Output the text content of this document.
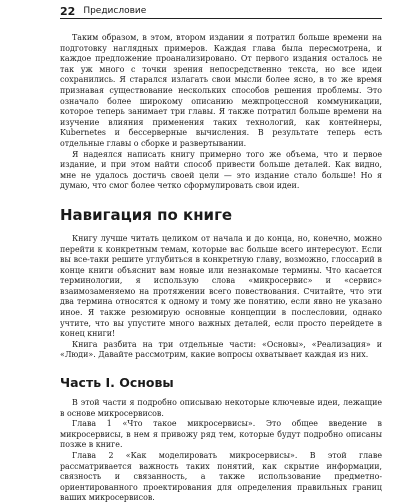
22 Предисловие

Таким образом, в этом, втором издании я потратил больше времени на подготовку наглядных примеров. Каждая глава была пересмотрена, и каждое предложение проанализировано. От первого издания осталось не так уж много с точки зрения непосредственно текста, но все идеи сохранились. Я старался излагать свои мысли более ясно, в то же время признавая существование нескольких способов решения проблемы. Это означало более широкому описанию межпроцессной коммуникации, которое теперь занимает три главы. Я также потратил больше времени на изучение влияния применения таких технологий, как контейнеры, Kubernetes и бессерверные вычисления. В результате теперь есть отдельные главы о сборке и развертывании.

Я надеялся написать книгу примерно того же объема, что и первое издание, и при этом найти способ привести больше деталей. Как видно, мне не удалось достичь своей цели — это издание стало больше! Но я думаю, что смог более четко сформулировать свои идеи.

Навигация по книге

Книгу лучше читать целиком от начала и до конца, но, конечно, можно перейти к конкретным темам, которые вас больше всего интересуют. Если вы все-таки решите углубиться в конкретную главу, возможно, глоссарий в конце книги объяснит вам новые или незнакомые термины. Что касается терминологии, я использую слова «микросервис» и «сервис» взаимозаменяемо на протяжении всего повествования. Считайте, что эти два термина относятся к одному и тому же понятию, если явно не указано иное. Я также резюмирую основные концепции в послесловии, однако учтите, что вы упустите много важных деталей, если просто перейдете в конец книги!

Книга разбита на три отдельные части: «Основы», «Реализация» и «Люди». Давайте рассмотрим, какие вопросы охватывает каждая из них.

Часть I. Основы

В этой части я подробно описываю некоторые ключевые идеи, лежащие в основе микросервисов.

Глава 1 «Что такое микросервисы». Это общее введение в микросервисы, в нем я привожу ряд тем, которые будут подробно описаны позже в книге.

Глава 2 «Как моделировать микросервисы». В этой главе рассматривается важность таких понятий, как скрытие информации, связность и связанность, а также использование предметно-ориентированного проектирования для определения правильных границ ваших микросервисов.
